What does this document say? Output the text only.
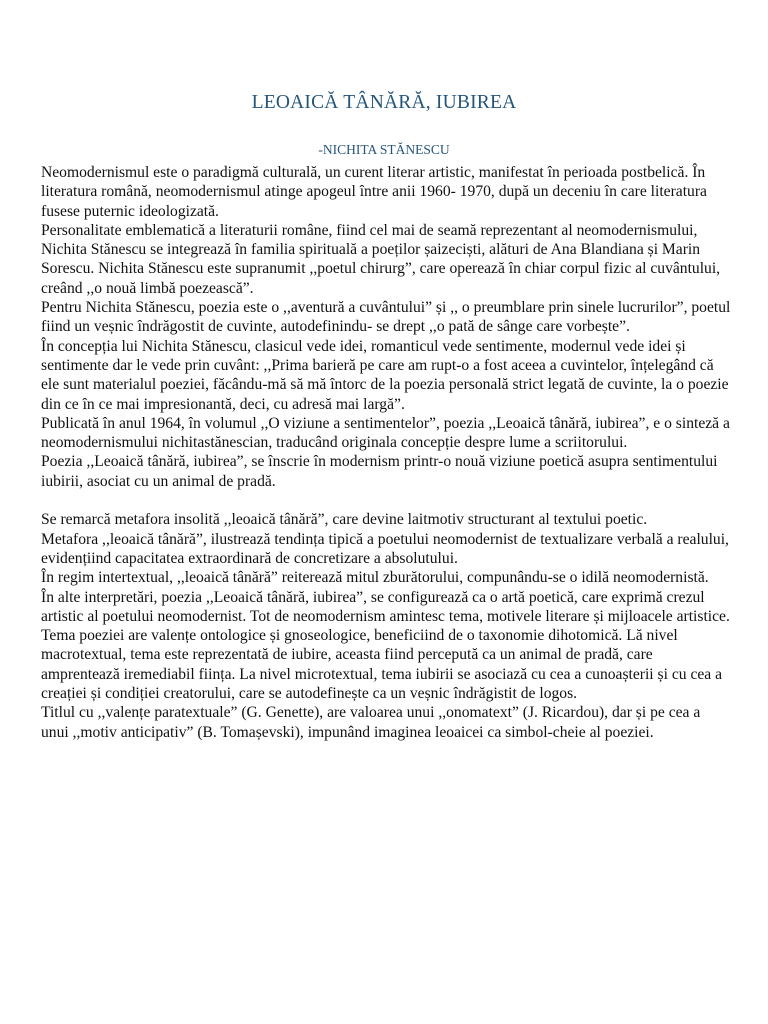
LEOAICĂ TÂNĂRĂ, IUBIREA
-NICHITA STĂNESCU

Neomodernismul este o paradigmă culturală, un curent literar artistic, manifestat în perioada postbelică. În literatura română, neomodernismul atinge apogeul între anii 1960- 1970, după un deceniu în care literatura fusese puternic ideologizată.

Personalitate emblematică a literaturii române, fiind cel mai de seamă reprezentant al neomodernismului, Nichita Stănescu se integrează în familia spirituală a poeților șaizeciști, alături de Ana Blandiana și Marin Sorescu. Nichita Stănescu este supranumit ,,poetul chirurg”, care operează în chiar corpul fizic al cuvântului, creând ,,o nouă limbă poezească”.

Pentru Nichita Stănescu, poezia este o ,,aventură a cuvântului” și ,, o preumblare prin sinele lucrurilor”, poetul fiind un veșnic îndrăgostit de cuvinte, autodefinindu- se drept ,,o pată de sânge care vorbește”.

În concepția lui Nichita Stănescu, clasicul vede idei, romanticul vede sentimente, modernul vede idei și sentimente dar le vede prin cuvânt: ,,Prima barieră pe care am rupt-o a fost aceea a cuvintelor, înțelegând că ele sunt materialul poeziei, făcându-mă să mă întorc de la poezia personală strict legată de cuvinte, la o poezie din ce în ce mai impresionantă, deci, cu adresă mai largă”.

Publicată în anul 1964, în volumul ,,O viziune a sentimentelor”, poezia ,,Leoaică tânără, iubirea”, e o sinteză a neomodernismului nichitastănescian, traducând originala concepție despre lume a scriitorului.

Poezia ,,Leoaică tânără, iubirea”, se înscrie în modernism printr-o nouă viziune poetică asupra sentimentului iubirii, asociat cu un animal de pradă.

Se remarcă metafora insolită ,,leoaică tânără”, care devine laitmotiv structurant al textului poetic.

Metafora ,,leoaică tânără”, ilustrează tendința tipică a poetului neomodernist de textualizare verbală a realului, evidențiind capacitatea extraordinară de concretizare a absolutului.

În regim intertextual, ,,leoaică tânără” reiterează mitul zburătorului, compunându-se o idilă neomodernistă.

În alte interpretări, poezia ,,Leoaică tânără, iubirea”, se configurează ca o artă poetică, care exprimă crezul artistic al poetului neomodernist. Tot de neomodernism amintesc tema, motivele literare și mijloacele artistice.

Tema poeziei are valențe ontologice și gnoseologice, beneficiind de o taxonomie dihotomică. Lă nivel macrotextual, tema este reprezentată de iubire, aceasta fiind percepută ca un animal de pradă, care amprentează iremediabil ființa. La nivel microtextual, tema iubirii se asociază cu cea a cunoașterii și cu cea a creației și condiției creatorului, care se autodefinește ca un veșnic îndrăgistit de logos.

Titlul cu ,,valențe paratextuale” (G. Genette), are valoarea unui ,,onomatext” (J. Ricardou), dar și pe cea a unui ,,motiv anticipativ” (B. Tomașevski), impunând imaginea leoaicei ca simbol-cheie al poeziei.
